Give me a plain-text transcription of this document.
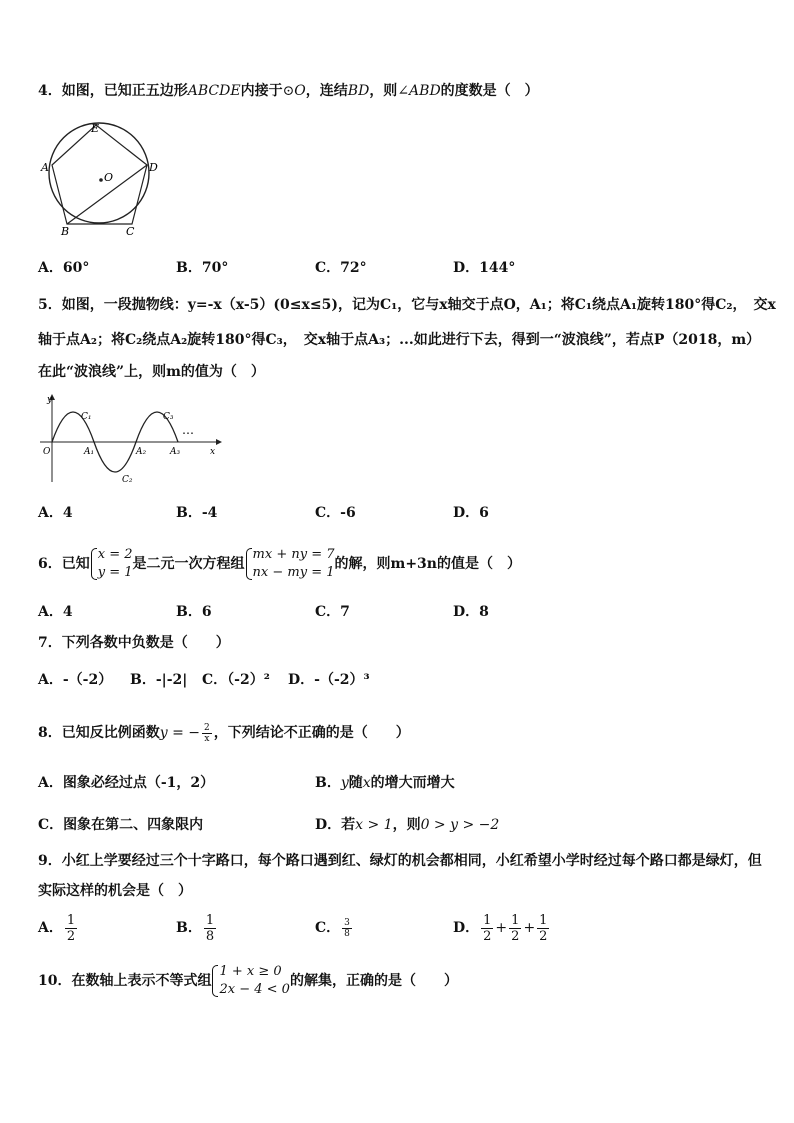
4．如图，已知正五边形ABCDE内接于⊙O，连结BD，则∠ABD的度数是（　）
E
A	D
O
B	C
A．60°	B．70°	C．72°	D．144°
5．如图，一段抛物线：y=-x（x-5）(0≤x≤5)，记为C₁，它与x轴交于点O，A₁；将C₁绕点A₁旋转180°得C₂，　交x
轴于点A₂；将C₂绕点A₂旋转180°得C₃，　交x轴于点A₃；...如此进行下去，得到一“波浪线”，若点P（2018，m）
在此“波浪线”上，则m的值为（　）
y
x
O
C₁
C₂
C₃
A₁	A₂	A₃
…
A．4	B．-4	C．-6	D．6
6．已知
x = 2
y = 1
是二元一次方程组
mx + ny = 7
nx − my = 1
的解，则m+3n的值是（　）
A．4	B．6	C．7	D．8
7．下列各数中负数是（　　）
A．-（-2） B．-|-2| C．（-2）² D．-（-2）³
8．已知反比例函数y = − $\frac{2}{x}$ ，下列结论不正确的是（　　）
A．图象必经过点（-1，2）	B．y随x的增大而增大
C．图象在第二、四象限内	D．若x > 1，则0 > y > −2
9．小红上学要经过三个十字路口，每个路口遇到红、绿灯的机会都相同，小红希望小学时经过每个路口都是绿灯，但
实际这样的机会是（　）
A． $\frac{1}{2}$	B． $\frac{1}{8}$	C． $\frac{3}{8}$	D． $\frac{1}{2} + \frac{1}{2} + \frac{1}{2}$
10．在数轴上表示不等式组
1 + x ≥ 0
2x − 4 < 0
的解集，正确的是（　　）
